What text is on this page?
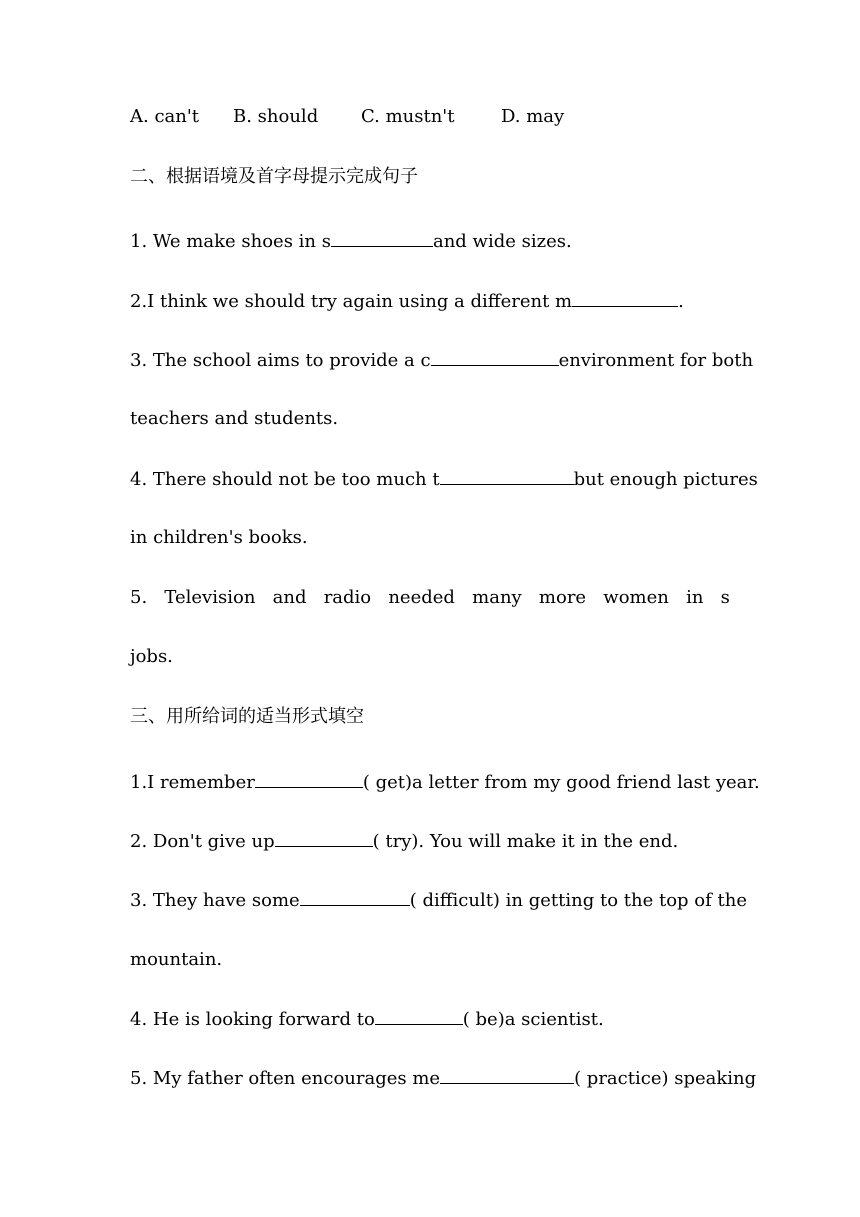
A. can't B. should C. mustn't	D. may
二、根据语境及首字母提示完成句子
1. We make shoes in s	and wide sizes.
2.I think we should try again using a different m	.
3. The school aims to provide a c	environment for both
teachers and students.
4. There should not be too much t	but enough pictures
in children's books.
5. Television and radio needed many more women in s
jobs.
三、用所给词的适当形式填空
1.I remember	( get)a letter from my good friend last year.
2. Don't give up	( try). You will make it in the end.
3. They have some	( difficult) in getting to the top of the
mountain.
4. He is looking forward to	( be)a scientist.
5. My father often encourages me	( practice) speaking
